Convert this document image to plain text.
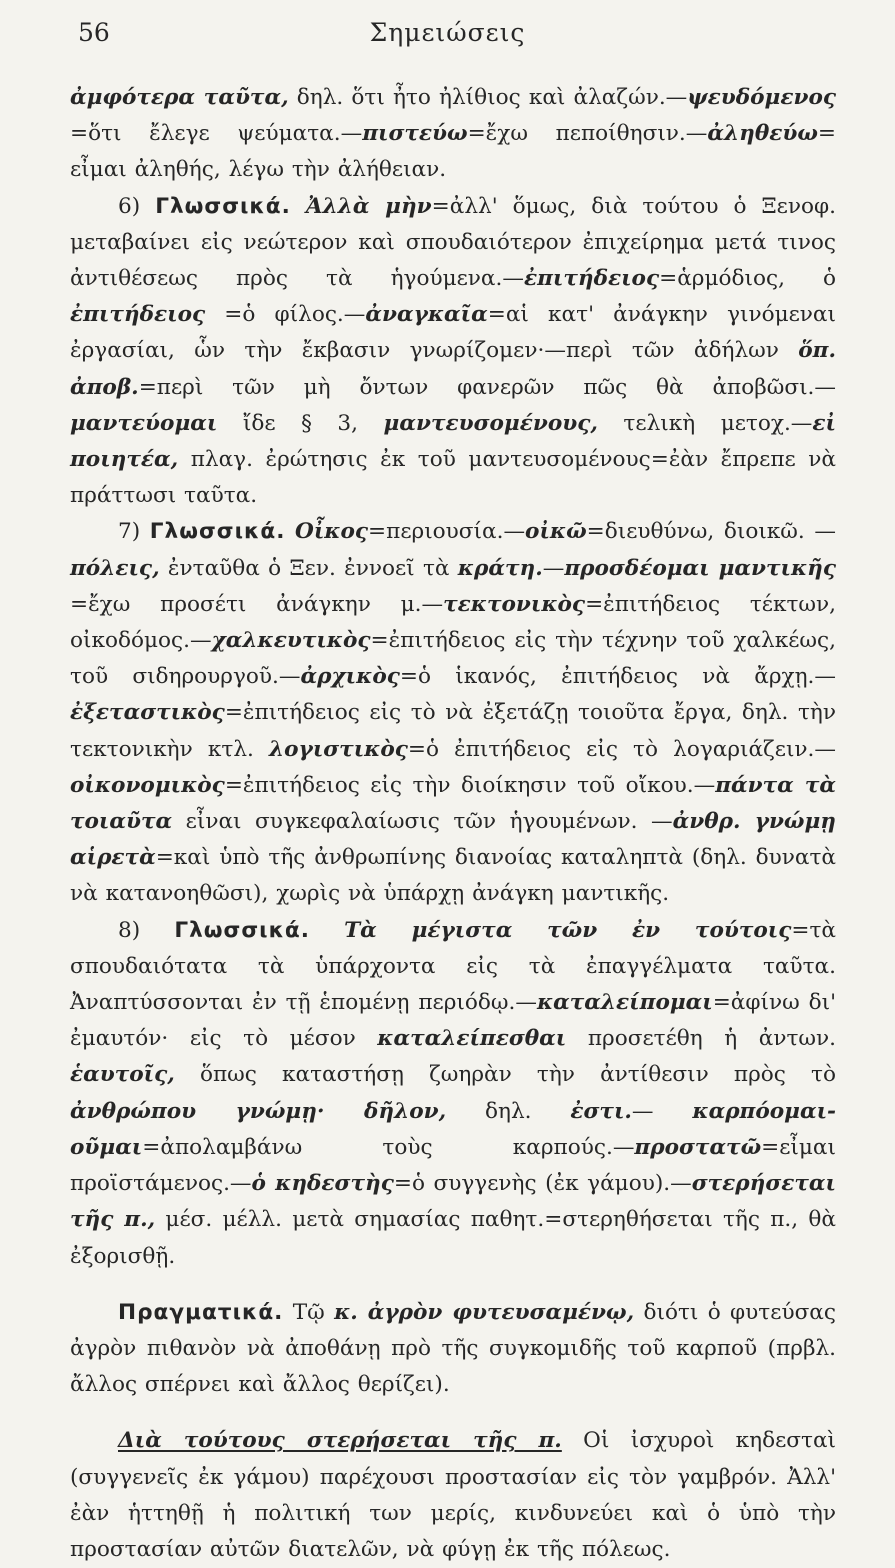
56	Σημειώσεις

ἀμφότερα ταῦτα, δηλ. ὅτι ἦτο ἠλίθιος καὶ ἀλαζών.—ψευδόμενος =ὅτι ἔλεγε ψεύματα.—πιστεύω=ἔχω πεποίθησιν.—ἀληθεύω= εἶμαι ἀληθής, λέγω τὴν ἀλήθειαν.

6) Γλωσσικά. Ἀλλὰ μὴν=ἀλλ' ὅμως, διὰ τούτου ὁ Ξενοφ. μεταβαίνει εἰς νεώτερον καὶ σπουδαιότερον ἐπιχείρημα μετά τινος ἀντιθέσεως πρὸς τὰ ἡγούμενα.—ἐπιτήδειος=ἁρμόδιος, ὁ ἐπιτήδειος =ὁ φίλος.—ἀναγκαῖα=αἱ κατ' ἀνάγκην γινόμεναι ἐργασίαι, ὧν τὴν ἔκβασιν γνωρίζομεν·—περὶ τῶν ἀδήλων ὅπ. ἀποβ.=περὶ τῶν μὴ ὄντων φανερῶν πῶς θὰ ἀποβῶσι.—μαντεύομαι ἴδε § 3, μαντευσομένους, τελικὴ μετοχ.—εἰ ποιητέα, πλαγ. ἐρώτησις ἐκ τοῦ μαντευσομένους=ἐὰν ἔπρεπε νὰ πράττωσι ταῦτα.

7) Γλωσσικά. Οἶκος=περιουσία.—οἰκῶ=διευθύνω, διοικῶ. —πόλεις, ἐνταῦθα ὁ Ξεν. ἐννοεῖ τὰ κράτη.—προσδέομαι μαντικῆς =ἔχω προσέτι ἀνάγκην μ.—τεκτονικὸς=ἐπιτήδειος τέκτων, οἰκοδόμος.—χαλκευτικὸς=ἐπιτήδειος εἰς τὴν τέχνην τοῦ χαλκέως, τοῦ σιδηρουργοῦ.—ἀρχικὸς=ὁ ἱκανός, ἐπιτήδειος νὰ ἄρχῃ.—ἐξεταστικὸς=ἐπιτήδειος εἰς τὸ νὰ ἐξετάζῃ τοιοῦτα ἔργα, δηλ. τὴν τεκτονικὴν κτλ. λογιστικὸς=ὁ ἐπιτήδειος εἰς τὸ λογαριάζειν.—οἰκονομικὸς=ἐπιτήδειος εἰς τὴν διοίκησιν τοῦ οἴκου.—πάντα τὰ τοιαῦτα εἶναι συγκεφαλαίωσις τῶν ἡγουμένων. —ἀνθρ. γνώμῃ αἱρετὰ=καὶ ὑπὸ τῆς ἀνθρωπίνης διανοίας καταληπτὰ (δηλ. δυνατὰ νὰ κατανοηθῶσι), χωρὶς νὰ ὑπάρχῃ ἀνάγκη μαντικῆς.

8) Γλωσσικά. Τὰ μέγιστα τῶν ἐν τούτοις=τὰ σπουδαιότατα τὰ ὑπάρχοντα εἰς τὰ ἐπαγγέλματα ταῦτα. Ἀναπτύσσονται ἐν τῇ ἑπομένῃ περιόδῳ.—καταλείπομαι=ἀφίνω δι' ἐμαυτόν· εἰς τὸ μέσον καταλείπεσθαι προσετέθη ἡ ἀντων. ἑαυτοῖς, ὅπως καταστήσῃ ζωηρὰν τὴν ἀντίθεσιν πρὸς τὸ ἀνθρώπου γνώμῃ· δῆλον, δηλ. ἐστι.— καρπόομαι-οῦμαι=ἀπολαμβάνω τοὺς καρπούς.—προστατῶ=εἶμαι προϊστάμενος.—ὁ κηδεστὴς=ὁ συγγενὴς (ἐκ γάμου).—στερήσεται τῆς π., μέσ. μέλλ. μετὰ σημασίας παθητ.=στερηθήσεται τῆς π., θὰ ἐξορισθῇ.

Πραγματικά. Τῷ κ. ἀγρὸν φυτευσαμένῳ, διότι ὁ φυτεύσας ἀγρὸν πιθανὸν νὰ ἀποθάνῃ πρὸ τῆς συγκομιδῆς τοῦ καρποῦ (πρβλ. ἄλλος σπέρνει καὶ ἄλλος θερίζει).

Διὰ τούτους στερήσεται τῆς π. Οἱ ἰσχυροὶ κηδεσταὶ (συγγενεῖς ἐκ γάμου) παρέχουσι προστασίαν εἰς τὸν γαμβρόν. Ἀλλ' ἐὰν ἡττηθῇ ἡ πολιτική των μερίς, κινδυνεύει καὶ ὁ ὑπὸ τὴν προστασίαν αὐτῶν διατελῶν, νὰ φύγῃ ἐκ τῆς πόλεως.
